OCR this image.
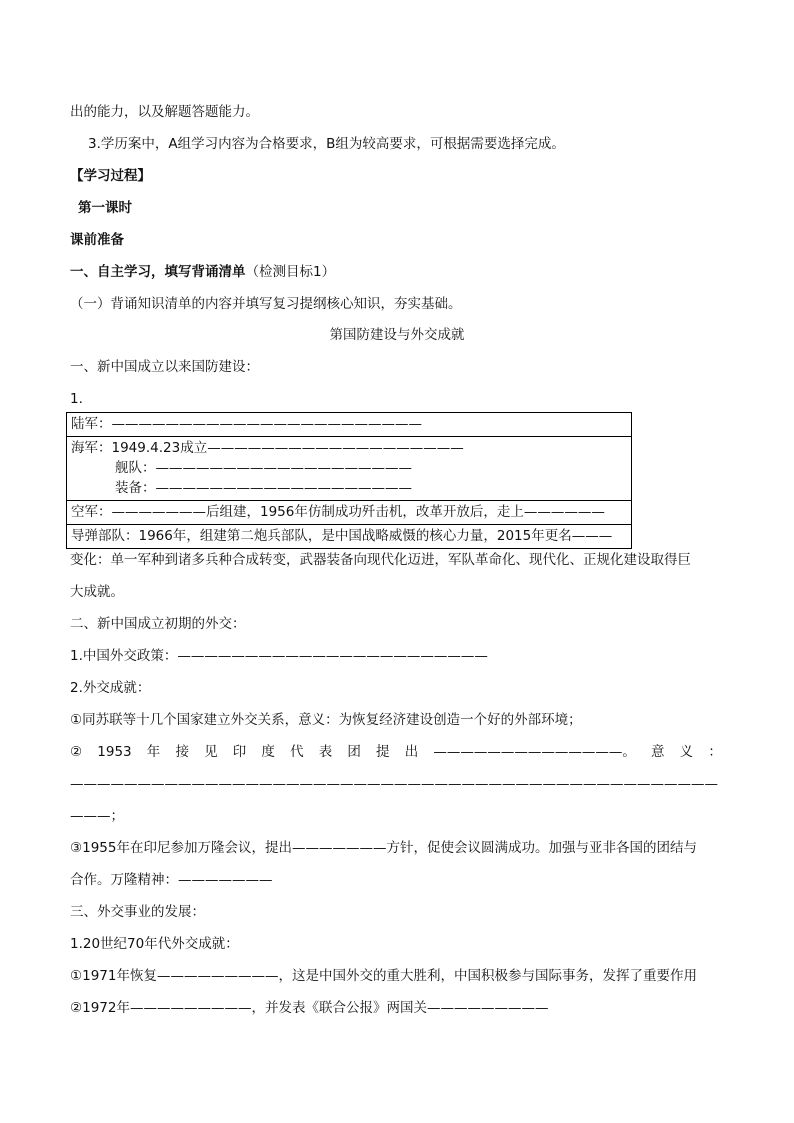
出的能力，以及解题答题能力。
3.学历案中，A组学习内容为合格要求，B组为较高要求，可根据需要选择完成。
【学习过程】
第一课时
课前准备
一、自主学习，填写背诵清单（检测目标1）
（一）背诵知识清单的内容并填写复习提纲核心知识，夯实基础。
第国防建设与外交成就
一、新中国成立以来国防建设：
1.
陆军：———————————————————————

海军：1949.4.23成立———————————————————
舰队：———————————————————
装备：———————————————————

空军：———————后组建，1956年仿制成功歼击机，改革开放后，走上——————
导弹部队：1966年，组建第二炮兵部队，是中国战略威慑的核心力量，2015年更名———
变化：单一军种到诸多兵种合成转变，武器装备向现代化迈进，军队革命化、现代化、正规化建设取得巨
大成就。
二、新中国成立初期的外交：
1.中国外交政策：———————————————————————
2.外交成就：
①同苏联等十几个国家建立外交关系，意义：为恢复经济建设创造一个好的外部环境；
② 1953 年 接 见 印 度 代 表 团 提 出 ——————————————。 意 义 ：
————————————————————————————————————————————————
———；
③1955年在印尼参加万隆会议，提出———————方针，促使会议圆满成功。加强与亚非各国的团结与
合作。万隆精神：———————
三、外交事业的发展：
1.20世纪70年代外交成就：
①1971年恢复—————————，这是中国外交的重大胜利，中国积极参与国际事务，发挥了重要作用
②1972年—————————，并发表《联合公报》两国关—————————
